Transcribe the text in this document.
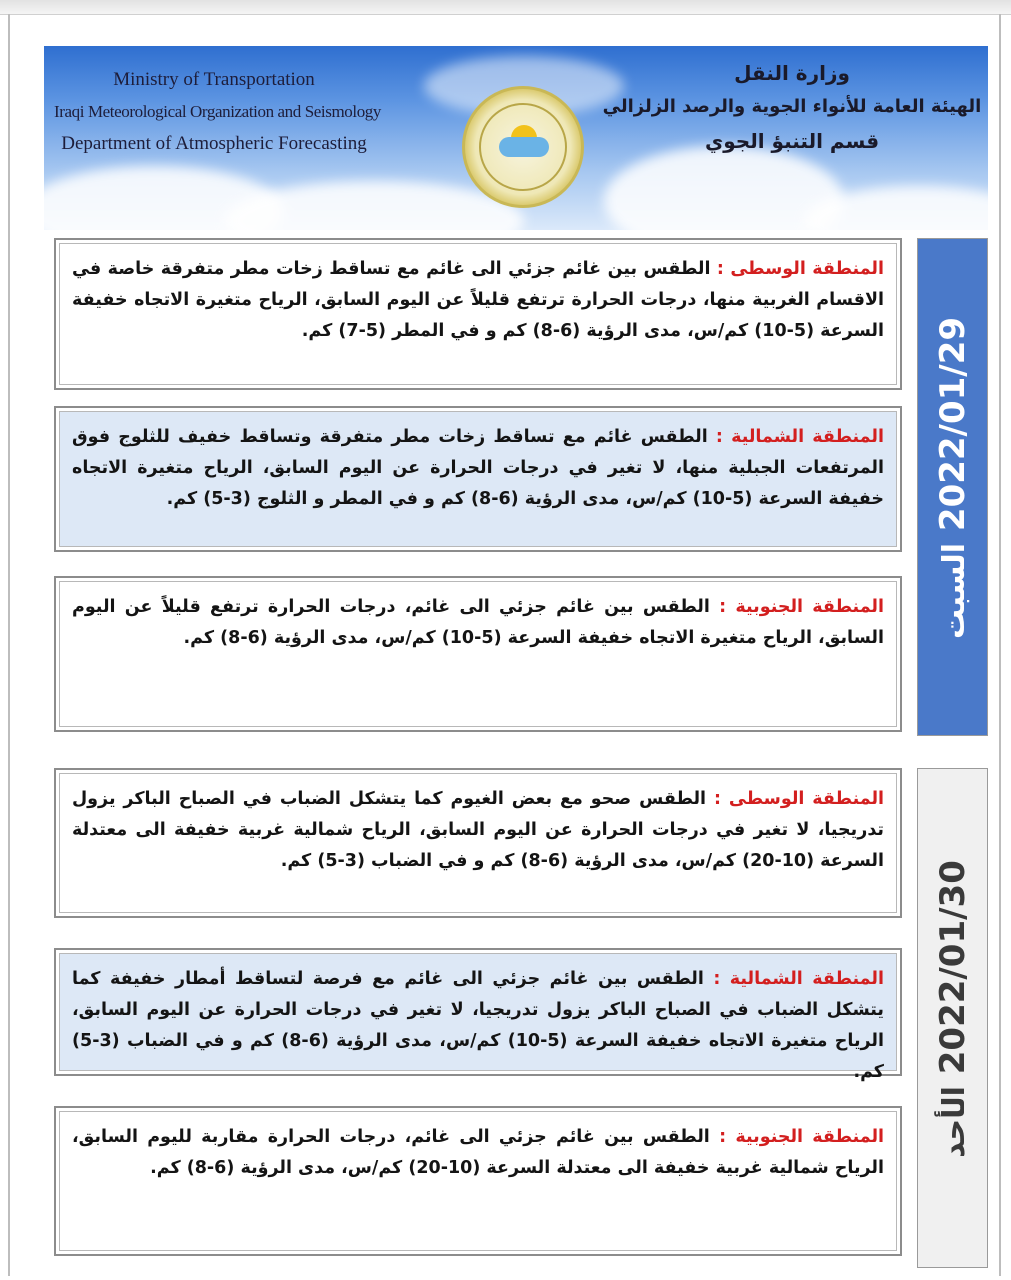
Ministry of Transportation
Iraqi Meteorological Organization and Seismology
Department of Atmospheric Forecasting
وزارة النقل
الهيئة العامة للأنواء الجوية والرصد الزلزالي
قسم التنبؤ الجوي
2022/01/29 السبت

المنطقة الوسطى : الطقس بين غائم جزئي الى غائم مع تساقط زخات مطر متفرقة خاصة في الاقسام الغربية منها، درجات الحرارة ترتفع قليلاً عن اليوم السابق، الرياح متغيرة الاتجاه خفيفة السرعة (5-10) كم/س، مدى الرؤية (6-8) كم و في المطر (5-7) كم.

المنطقة الشمالية : الطقس غائم مع تساقط زخات مطر متفرقة وتساقط خفيف للثلوج فوق المرتفعات الجبلية منها، لا تغير في درجات الحرارة عن اليوم السابق، الرياح متغيرة الاتجاه خفيفة السرعة (5-10) كم/س، مدى الرؤية (6-8) كم و في المطر و الثلوج (3-5) كم.

المنطقة الجنوبية : الطقس بين غائم جزئي الى غائم، درجات الحرارة ترتفع قليلاً عن اليوم السابق، الرياح متغيرة الاتجاه خفيفة السرعة (5-10) كم/س، مدى الرؤية (6-8) كم.

2022/01/30 الأحد

المنطقة الوسطى : الطقس صحو مع بعض الغيوم كما يتشكل الضباب في الصباح الباكر يزول تدريجيا، لا تغير في درجات الحرارة عن اليوم السابق، الرياح شمالية غربية خفيفة الى معتدلة السرعة (10-20) كم/س، مدى الرؤية (6-8) كم و في الضباب (3-5) كم.

المنطقة الشمالية : الطقس بين غائم جزئي الى غائم مع فرصة لتساقط أمطار خفيفة كما يتشكل الضباب في الصباح الباكر يزول تدريجيا، لا تغير في درجات الحرارة عن اليوم السابق، الرياح متغيرة الاتجاه خفيفة السرعة (5-10) كم/س، مدى الرؤية (6-8) كم و في الضباب (3-5) كم.

المنطقة الجنوبية : الطقس بين غائم جزئي الى غائم، درجات الحرارة مقاربة لليوم السابق، الرياح شمالية غربية خفيفة الى معتدلة السرعة (10-20) كم/س، مدى الرؤية (6-8) كم.
